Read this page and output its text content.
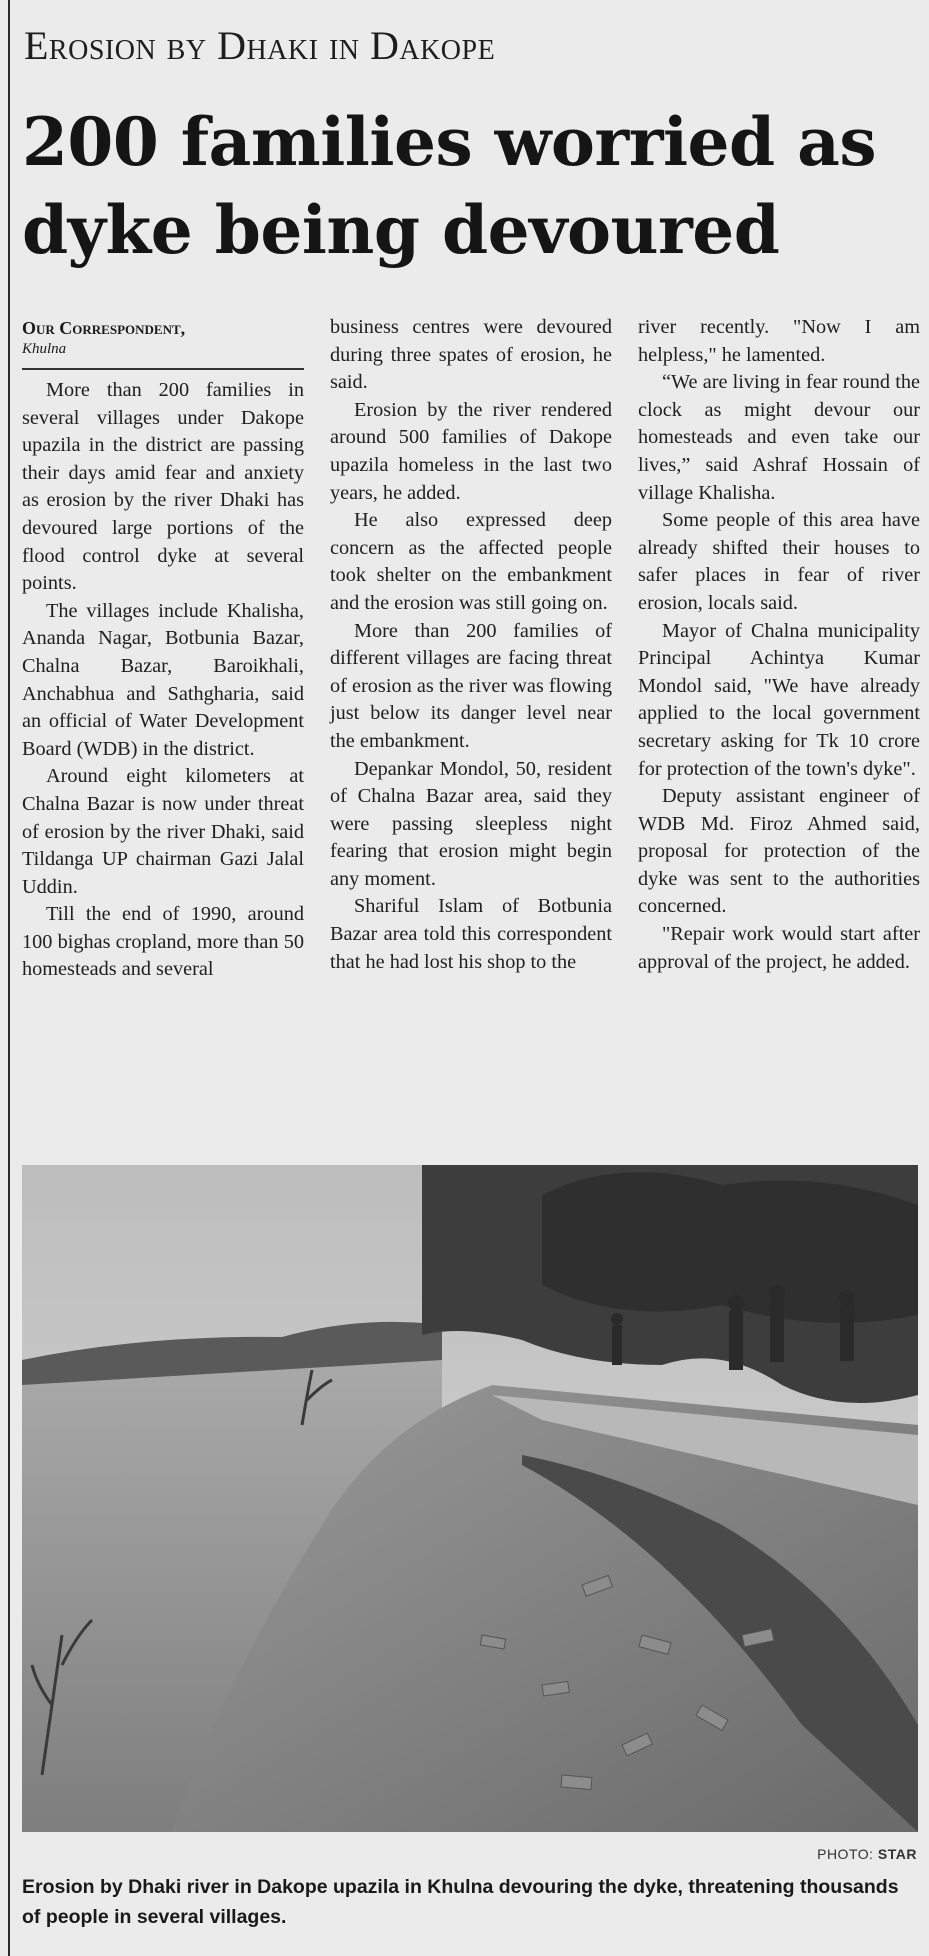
Erosion by Dhaki in Dakope
200 families worried as dyke being devoured
Our Correspondent,
Khulna

More than 200 families in several villages under Dakope upazila in the district are passing their days amid fear and anxiety as erosion by the river Dhaki has devoured large portions of the flood control dyke at several points.

The villages include Khalisha, Ananda Nagar, Botbunia Bazar, Chalna Bazar, Baroikhali, Anchabhua and Sathgharia, said an official of Water Development Board (WDB) in the district.

Around eight kilometers at Chalna Bazar is now under threat of erosion by the river Dhaki, said Tildanga UP chairman Gazi Jalal Uddin.

Till the end of 1990, around 100 bighas cropland, more than 50 homesteads and several

business centres were devoured during three spates of erosion, he said.

Erosion by the river rendered around 500 families of Dakope upazila homeless in the last two years, he added.

He also expressed deep concern as the affected people took shelter on the embankment and the erosion was still going on.

More than 200 families of different villages are facing threat of erosion as the river was flowing just below its danger level near the embankment.

Depankar Mondol, 50, resident of Chalna Bazar area, said they were passing sleepless night fearing that erosion might begin any moment.

Shariful Islam of Botbunia Bazar area told this correspondent that he had lost his shop to the

river recently. "Now I am helpless," he lamented.

“We are living in fear round the clock as might devour our homesteads and even take our lives,” said Ashraf Hossain of village Khalisha.

Some people of this area have already shifted their houses to safer places in fear of river erosion, locals said.

Mayor of Chalna municipality Principal Achintya Kumar Mondol said, "We have already applied to the local government secretary asking for Tk 10 crore for protection of the town's dyke".

Deputy assistant engineer of WDB Md. Firoz Ahmed said, proposal for protection of the dyke was sent to the authorities concerned.

"Repair work would start after approval of the project, he added.

PHOTO: STAR

Erosion by Dhaki river in Dakope upazila in Khulna devouring the dyke, threatening thousands of people in several villages.
